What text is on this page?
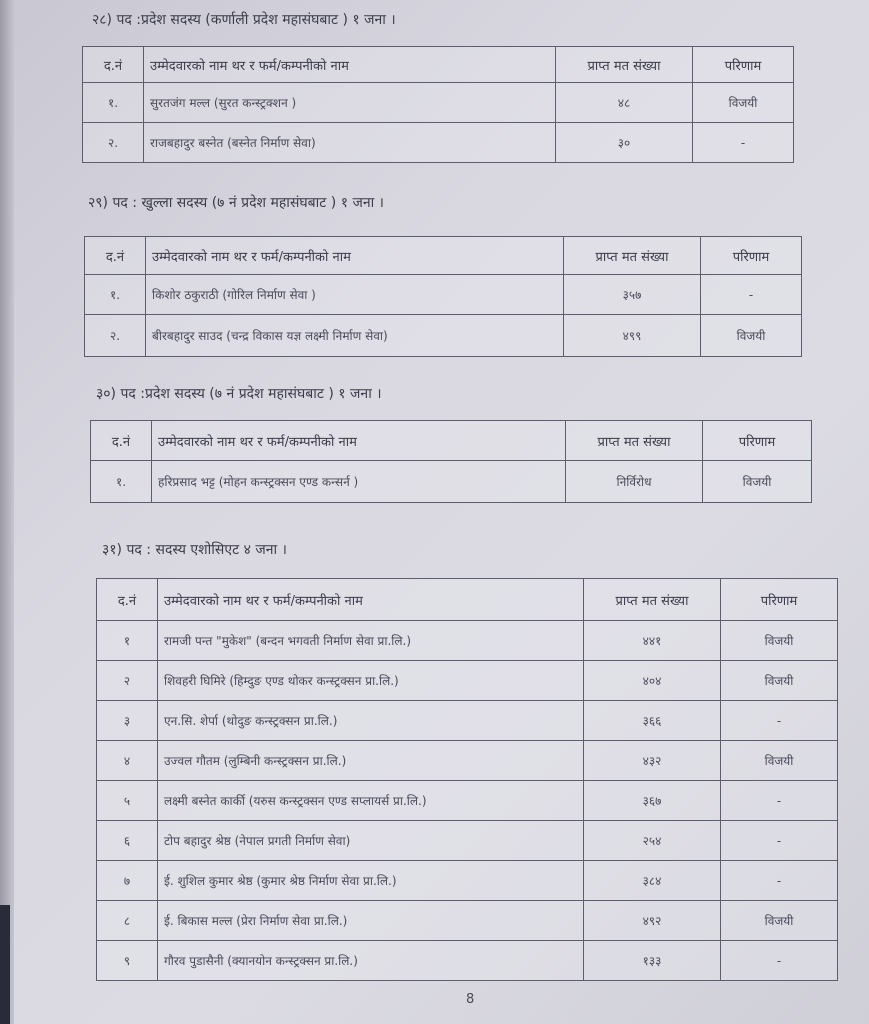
२८) पद :प्रदेश सदस्य (कर्णाली प्रदेश महासंघबाट ) १ जना ।
द.नं	उम्मेदवारको नाम थर र फर्म/कम्पनीको नाम	प्राप्त मत संख्या	परिणाम
१.	सुरतजंग मल्ल (सुरत कन्स्ट्रक्शन )	४८	विजयी
२.	राजबहादुर बस्नेत (बस्नेत निर्माण सेवा)	३०	-
२९) पद : खुल्ला सदस्य (७ नं प्रदेश महासंघबाट ) १ जना ।
द.नं	उम्मेदवारको नाम थर र फर्म/कम्पनीको नाम	प्राप्त मत संख्या	परिणाम
१.	किशोर ठकुराठी (गोरिल निर्माण सेवा )	३५७	-
२.	बीरबहादुर साउद (चन्द्र विकास यज्ञ लक्ष्मी निर्माण सेवा)	४९९	विजयी
३०) पद :प्रदेश सदस्य (७ नं प्रदेश महासंघबाट ) १ जना ।
द.नं	उम्मेदवारको नाम थर र फर्म/कम्पनीको नाम	प्राप्त मत संख्या	परिणाम
१.	हरिप्रसाद भट्ट (मोहन कन्स्ट्रक्सन एण्ड कन्सर्न )	निर्विरोध	विजयी
३१) पद : सदस्य एशोसिएट ४ जना ।
द.नं	उम्मेदवारको नाम थर र फर्म/कम्पनीको नाम	प्राप्त मत संख्या	परिणाम
१	रामजी पन्त "मुकेश" (बन्दन भगवती निर्माण सेवा प्रा.लि.)	४४१	विजयी
२	शिवहरी घिमिरे (हिम्दुङ एण्ड थोकर कन्स्ट्रक्सन प्रा.लि.)	४०४	विजयी
३	एन.सि. शेर्पा (थोदुङ कन्स्ट्रक्सन प्रा.लि.)	३६६	-
४	उज्वल गौतम (लुम्बिनी कन्स्ट्रक्सन प्रा.लि.)	४३२	विजयी
५	लक्ष्मी बस्नेत कार्की (यरुस कन्स्ट्रक्सन एण्ड सप्लायर्स प्रा.लि.)	३६७	-
६	टोप बहादुर श्रेष्ठ (नेपाल प्रगती निर्माण सेवा)	२५४	-
७	ई. शुशिल कुमार श्रेष्ठ (कुमार श्रेष्ठ निर्माण सेवा प्रा.लि.)	३८४	-
८	ई. बिकास मल्ल (प्रेरा निर्माण सेवा प्रा.लि.)	४९२	विजयी
९	गौरव पुडासैनी (क्यानयोन कन्स्ट्रक्सन प्रा.लि.)	१३३	-
8
